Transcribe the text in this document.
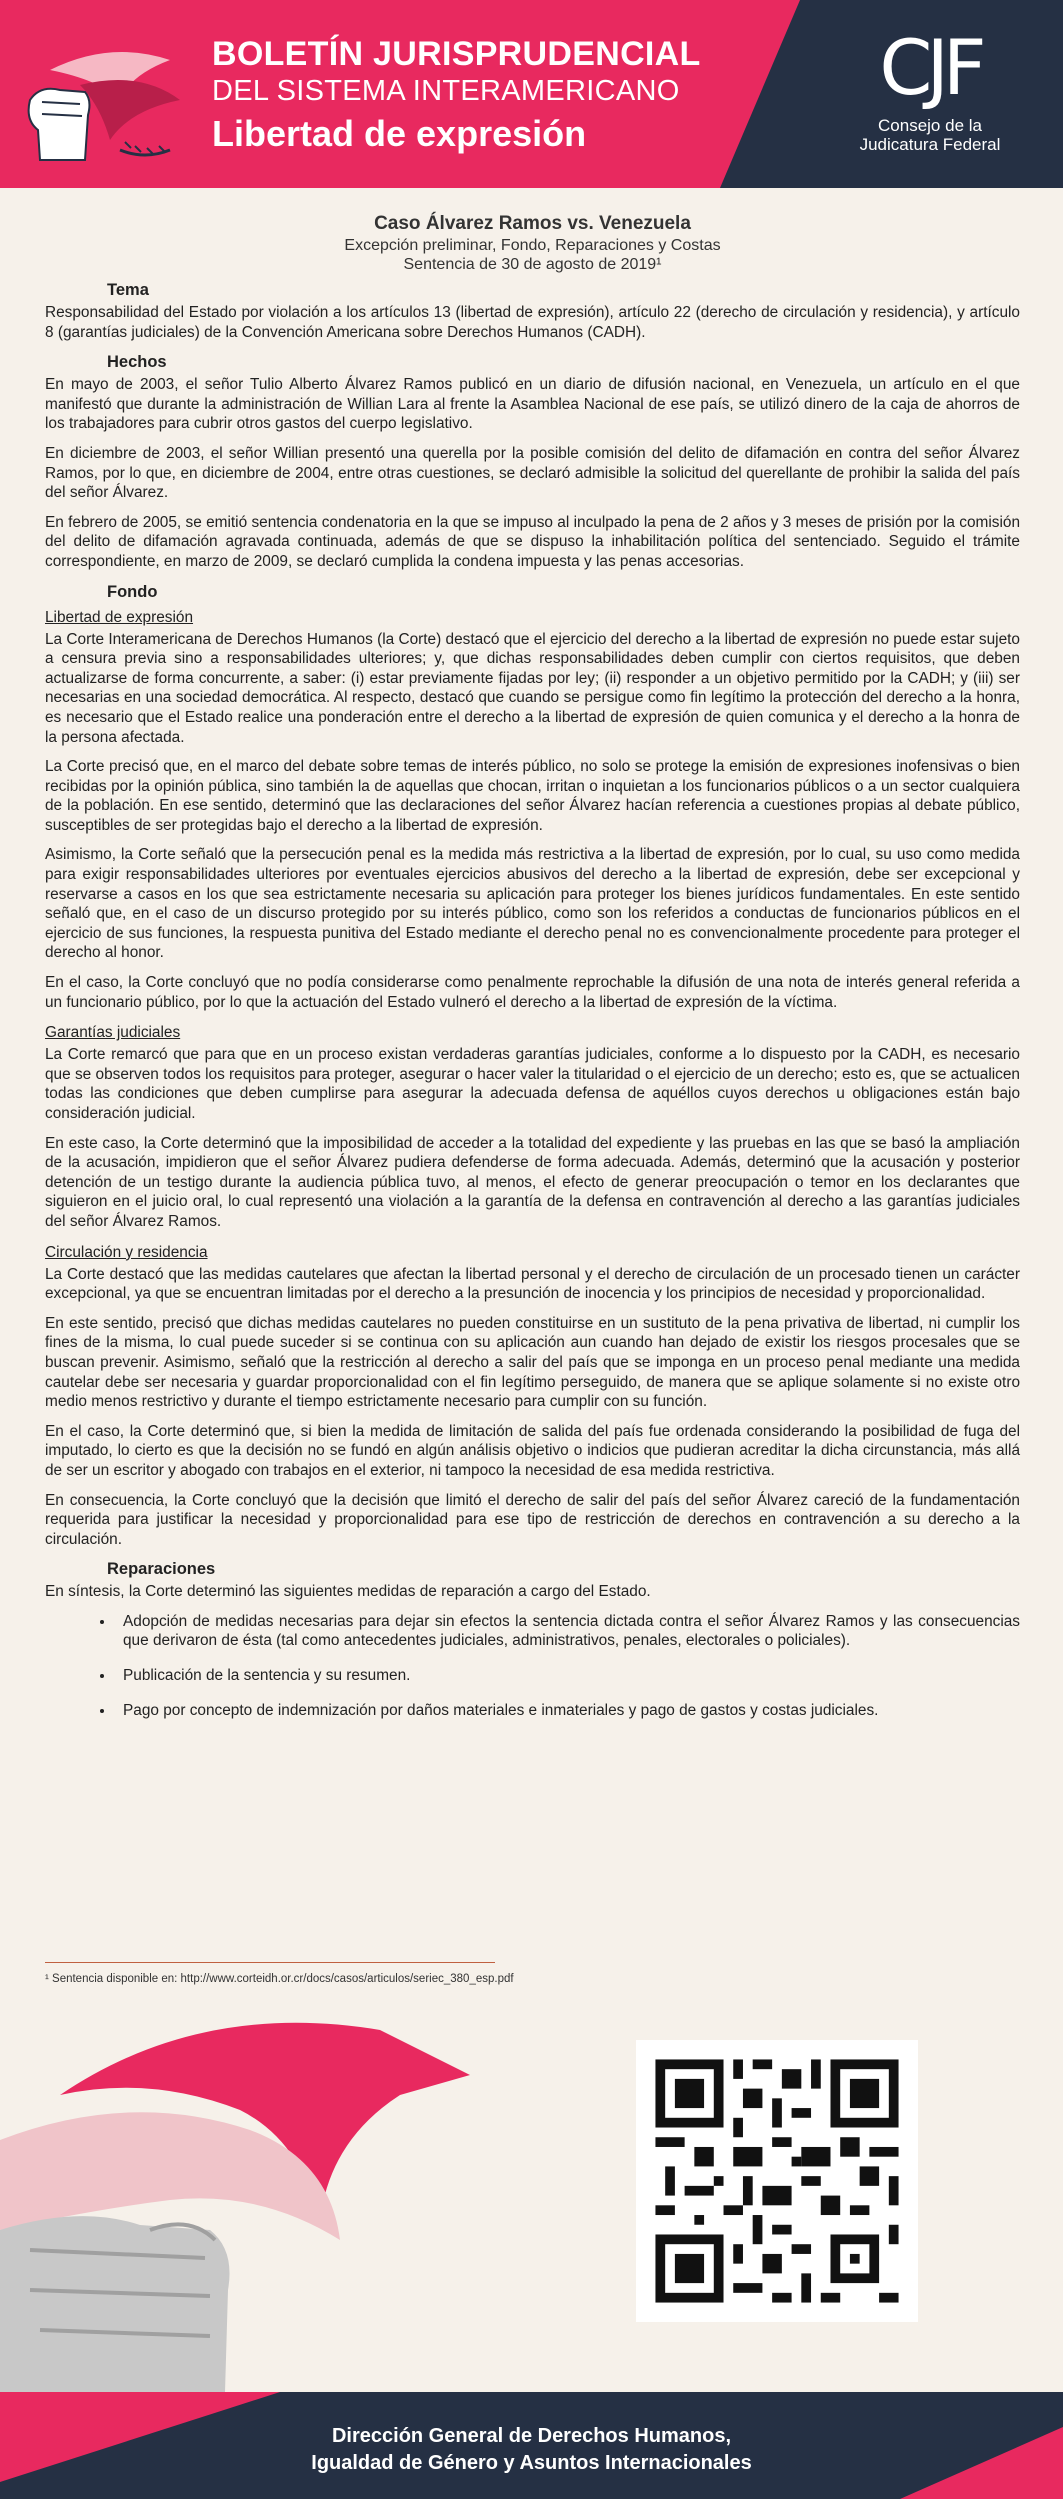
BOLETÍN JURISPRUDENCIAL
DEL SISTEMA INTERAMERICANO
Libertad de expresión
CJF
Consejo de la
Judicatura Federal
Caso Álvarez Ramos vs. Venezuela
Excepción preliminar, Fondo, Reparaciones y Costas
Sentencia de 30 de agosto de 2019¹
Tema

Responsabilidad del Estado por violación a los artículos 13 (libertad de expresión), artículo 22 (derecho de circulación y residencia), y artículo 8 (garantías judiciales) de la Convención Americana sobre Derechos Humanos (CADH).

Hechos

En mayo de 2003, el señor Tulio Alberto Álvarez Ramos publicó en un diario de difusión nacional, en Venezuela, un artículo en el que manifestó que durante la administración de Willian Lara al frente la Asamblea Nacional de ese país, se utilizó dinero de la caja de ahorros de los trabajadores para cubrir otros gastos del cuerpo legislativo.

En diciembre de 2003, el señor Willian presentó una querella por la posible comisión del delito de difamación en contra del señor Álvarez Ramos, por lo que, en diciembre de 2004, entre otras cuestiones, se declaró admisible la solicitud del querellante de prohibir la salida del país del señor Álvarez.

En febrero de 2005, se emitió sentencia condenatoria en la que se impuso al inculpado la pena de 2 años y 3 meses de prisión por la comisión del delito de difamación agravada continuada, además de que se dispuso la inhabilitación política del sentenciado. Seguido el trámite correspondiente, en marzo de 2009, se declaró cumplida la condena impuesta y las penas accesorias.

Fondo
Libertad de expresión

La Corte Interamericana de Derechos Humanos (la Corte) destacó que el ejercicio del derecho a la libertad de expresión no puede estar sujeto a censura previa sino a responsabilidades ulteriores; y, que dichas responsabilidades deben cumplir con ciertos requisitos, que deben actualizarse de forma concurrente, a saber: (i) estar previamente fijadas por ley; (ii) responder a un objetivo permitido por la CADH; y (iii) ser necesarias en una sociedad democrática. Al respecto, destacó que cuando se persigue como fin legítimo la protección del derecho a la honra, es necesario que el Estado realice una ponderación entre el derecho a la libertad de expresión de quien comunica y el derecho a la honra de la persona afectada.

La Corte precisó que, en el marco del debate sobre temas de interés público, no solo se protege la emisión de expresiones inofensivas o bien recibidas por la opinión pública, sino también la de aquellas que chocan, irritan o inquietan a los funcionarios públicos o a un sector cualquiera de la población. En ese sentido, determinó que las declaraciones del señor Álvarez hacían referencia a cuestiones propias al debate público, susceptibles de ser protegidas bajo el derecho a la libertad de expresión.

Asimismo, la Corte señaló que la persecución penal es la medida más restrictiva a la libertad de expresión, por lo cual, su uso como medida para exigir responsabilidades ulteriores por eventuales ejercicios abusivos del derecho a la libertad de expresión, debe ser excepcional y reservarse a casos en los que sea estrictamente necesaria su aplicación para proteger los bienes jurídicos fundamentales. En este sentido señaló que, en el caso de un discurso protegido por su interés público, como son los referidos a conductas de funcionarios públicos en el ejercicio de sus funciones, la respuesta punitiva del Estado mediante el derecho penal no es convencionalmente procedente para proteger el derecho al honor.

En el caso, la Corte concluyó que no podía considerarse como penalmente reprochable la difusión de una nota de interés general referida a un funcionario público, por lo que la actuación del Estado vulneró el derecho a la libertad de expresión de la víctima.

Garantías judiciales

La Corte remarcó que para que en un proceso existan verdaderas garantías judiciales, conforme a lo dispuesto por la CADH, es necesario que se observen todos los requisitos para proteger, asegurar o hacer valer la titularidad o el ejercicio de un derecho; esto es, que se actualicen todas las condiciones que deben cumplirse para asegurar la adecuada defensa de aquéllos cuyos derechos u obligaciones están bajo consideración judicial.

En este caso, la Corte determinó que la imposibilidad de acceder a la totalidad del expediente y las pruebas en las que se basó la ampliación de la acusación, impidieron que el señor Álvarez pudiera defenderse de forma adecuada. Además, determinó que la acusación y posterior detención de un testigo durante la audiencia pública tuvo, al menos, el efecto de generar preocupación o temor en los declarantes que siguieron en el juicio oral, lo cual representó una violación a la garantía de la defensa en contravención al derecho a las garantías judiciales del señor Álvarez Ramos.

Circulación y residencia

La Corte destacó que las medidas cautelares que afectan la libertad personal y el derecho de circulación de un procesado tienen un carácter excepcional, ya que se encuentran limitadas por el derecho a la presunción de inocencia y los principios de necesidad y proporcionalidad.

En este sentido, precisó que dichas medidas cautelares no pueden constituirse en un sustituto de la pena privativa de libertad, ni cumplir los fines de la misma, lo cual puede suceder si se continua con su aplicación aun cuando han dejado de existir los riesgos procesales que se buscan prevenir. Asimismo, señaló que la restricción al derecho a salir del país que se imponga en un proceso penal mediante una medida cautelar debe ser necesaria y guardar proporcionalidad con el fin legítimo perseguido, de manera que se aplique solamente si no existe otro medio menos restrictivo y durante el tiempo estrictamente necesario para cumplir con su función.

En el caso, la Corte determinó que, si bien la medida de limitación de salida del país fue ordenada considerando la posibilidad de fuga del imputado, lo cierto es que la decisión no se fundó en algún análisis objetivo o indicios que pudieran acreditar la dicha circunstancia, más allá de ser un escritor y abogado con trabajos en el exterior, ni tampoco la necesidad de esa medida restrictiva.

En consecuencia, la Corte concluyó que la decisión que limitó el derecho de salir del país del señor Álvarez careció de la fundamentación requerida para justificar la necesidad y proporcionalidad para ese tipo de restricción de derechos en contravención a su derecho a la circulación.

Reparaciones

En síntesis, la Corte determinó las siguientes medidas de reparación a cargo del Estado.

• Adopción de medidas necesarias para dejar sin efectos la sentencia dictada contra el señor Álvarez Ramos y las consecuencias que derivaron de ésta (tal como antecedentes judiciales, administrativos, penales, electorales o policiales).
• Publicación de la sentencia y su resumen.
• Pago por concepto de indemnización por daños materiales e inmateriales y pago de gastos y costas judiciales.
¹ Sentencia disponible en: http://www.corteidh.or.cr/docs/casos/articulos/seriec_380_esp.pdf
Dirección General de Derechos Humanos,
Igualdad de Género y Asuntos Internacionales
